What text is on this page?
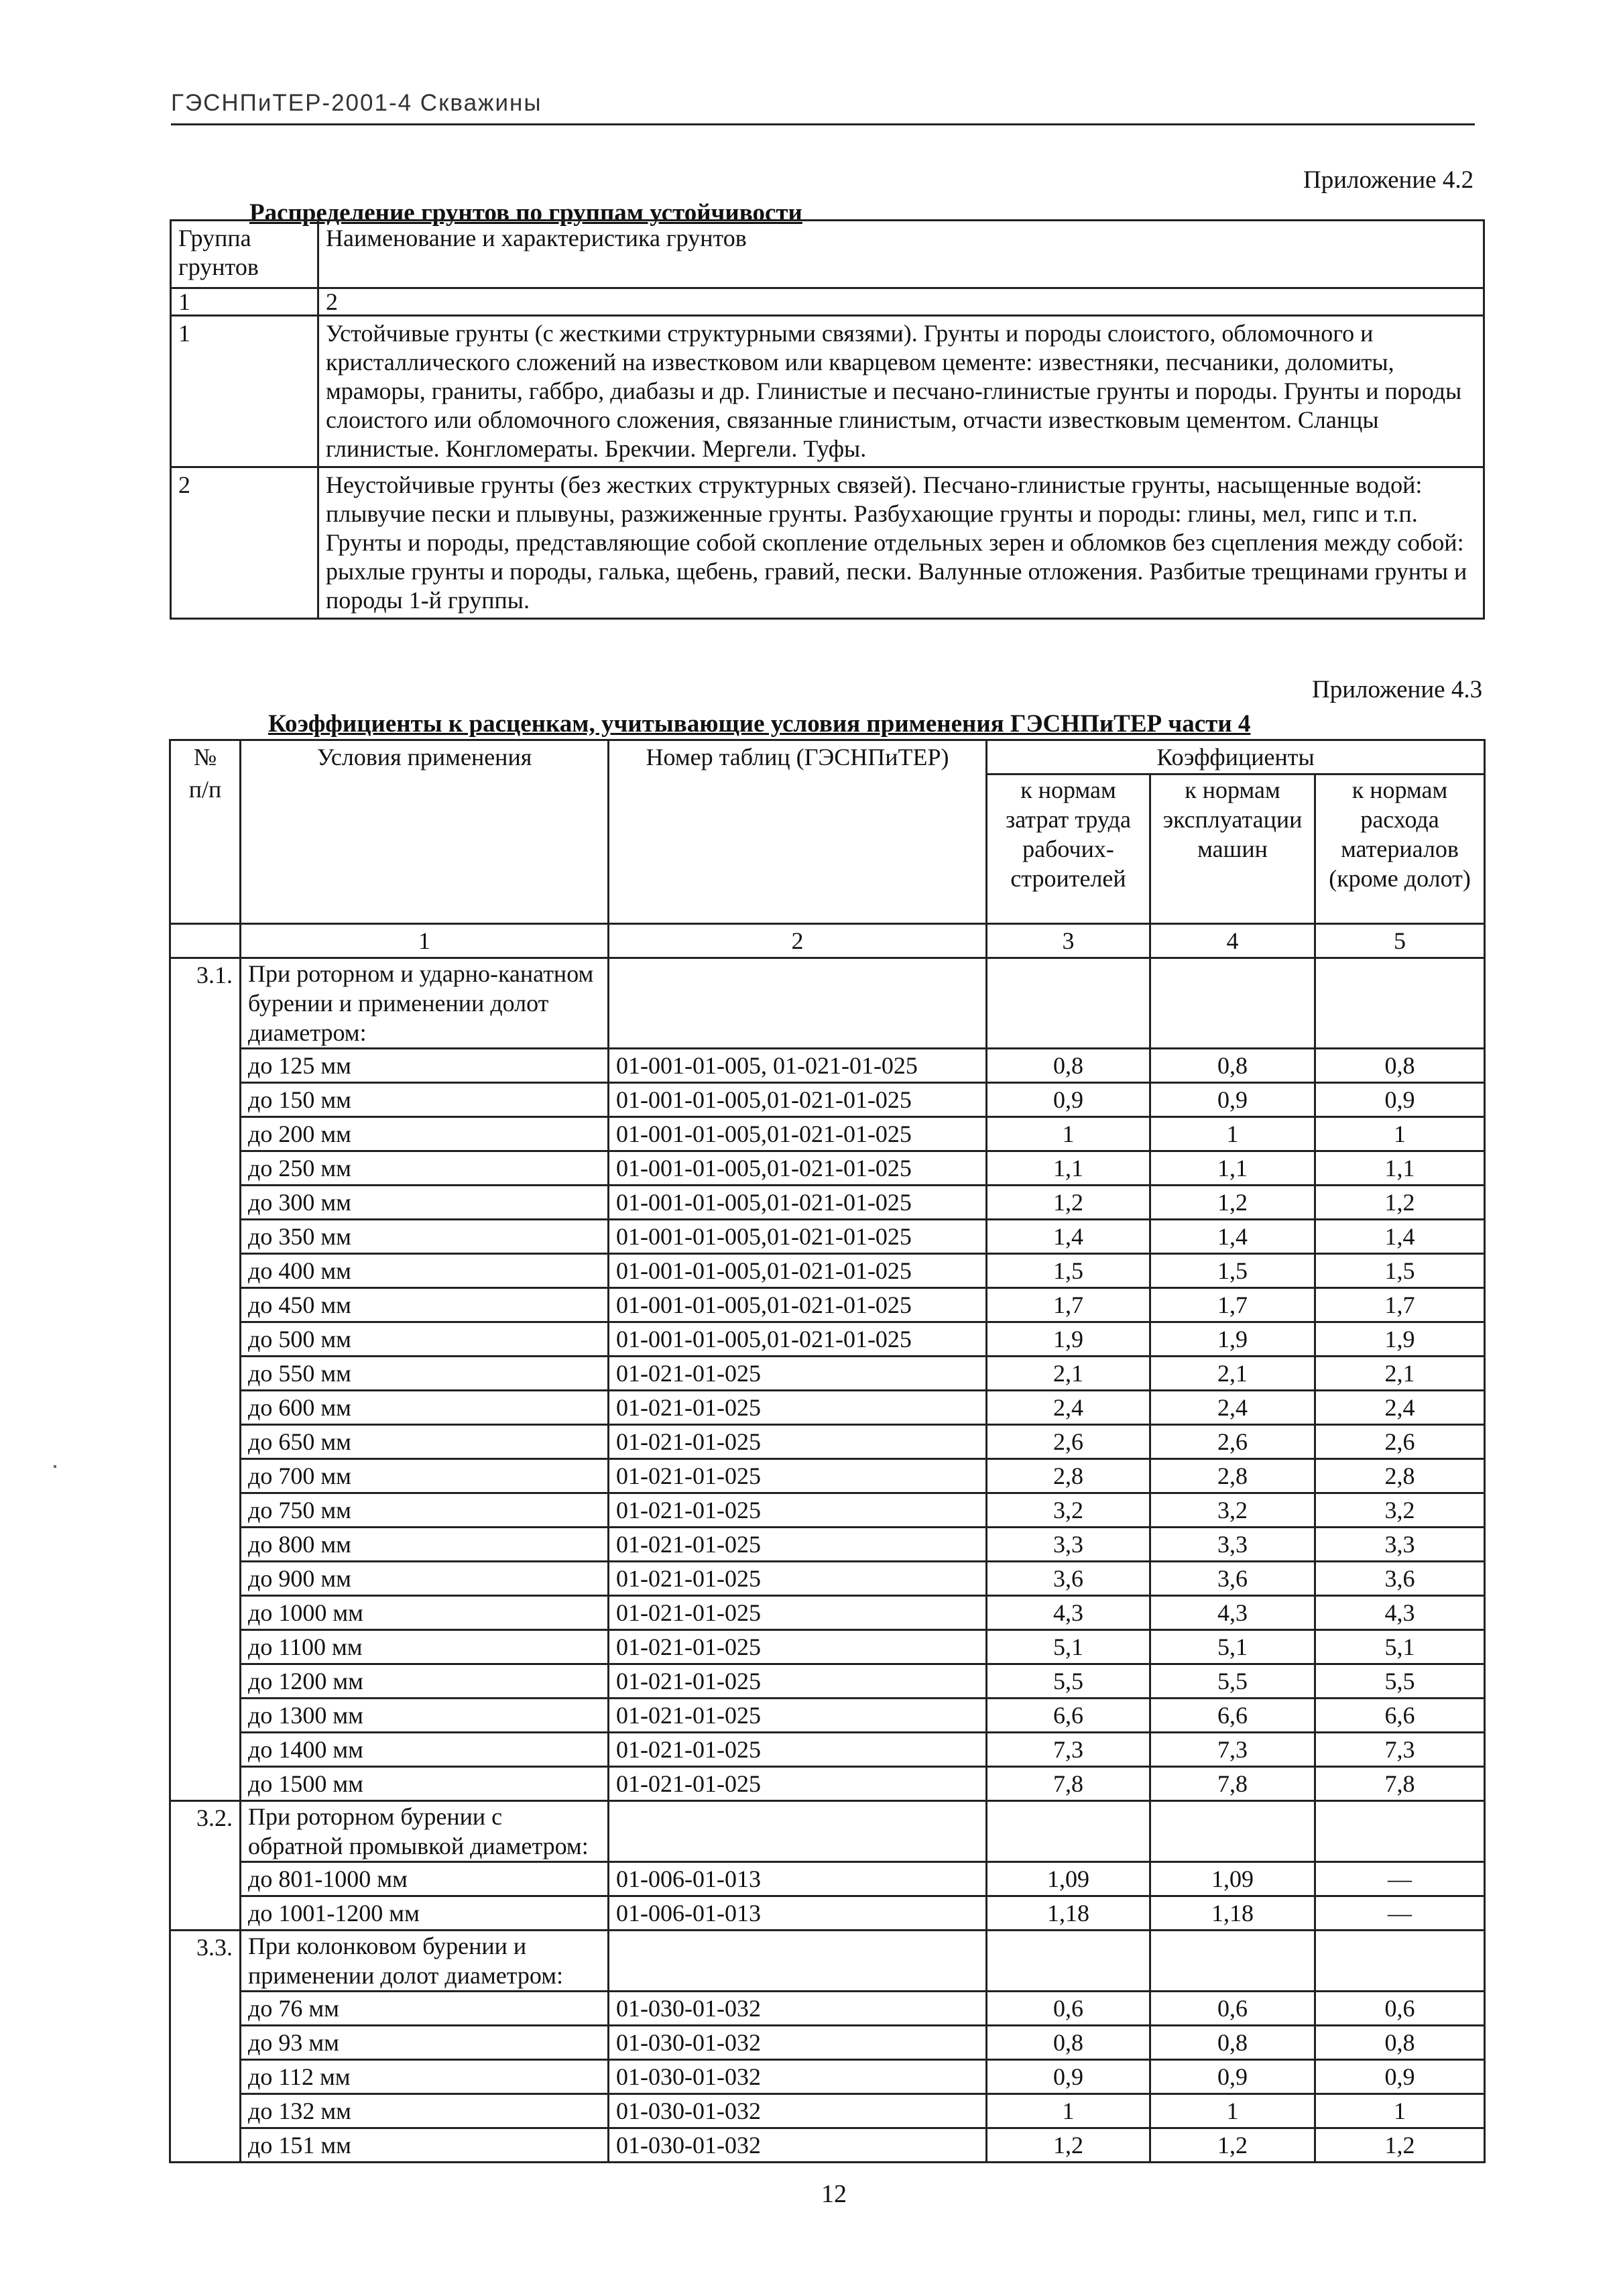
ГЭСНПиТЕР-2001-4 Скважины
Приложение 4.2
Распределение грунтов по группам устойчивости
Группа грунтов	Наименование и характеристика грунтов
1	2
1	Устойчивые грунты (с жесткими структурными связями). Грунты и породы слоистого, обломочного и кристаллического сложений на известковом или кварцевом цементе: известняки, песчаники, доломиты, мраморы, граниты, габбро, диабазы и др. Глинистые и песчано-глинистые грунты и породы. Грунты и породы слоистого или обломочного сложения, связанные глинистым, отчасти известковым цементом. Сланцы глинистые. Конгломераты. Брекчии. Мергели. Туфы.
2	Неустойчивые грунты (без жестких структурных связей). Песчано-глинистые грунты, насыщенные водой: плывучие пески и плывуны, разжиженные грунты. Разбухающие грунты и породы: глины, мел, гипс и т.п. Грунты и породы, представляющие собой скопление отдельных зерен и обломков без сцепления между собой: рыхлые грунты и породы, галька, щебень, гравий, пески. Валунные отложения. Разбитые трещинами грунты и породы 1-й группы.
Приложение 4.3
Коэффициенты к расценкам, учитывающие условия применения ГЭСНПиТЕР части 4
№ п/п	Условия применения	Номер таблиц (ГЭСНПиТЕР)	Коэффициенты		
			к нормам затрат труда рабочих-строителей	к нормам эксплуатации машин	к нормам расхода материалов (кроме долот)
	1	2	3	4	5
3.1.	При роторном и ударно-канатном бурении и применении долот диаметром:				
	до 125 мм	01-001-01-005, 01-021-01-025	0,8	0,8	0,8
	до 150 мм	01-001-01-005,01-021-01-025	0,9	0,9	0,9
	до 200 мм	01-001-01-005,01-021-01-025	1	1	1
	до 250 мм	01-001-01-005,01-021-01-025	1,1	1,1	1,1
	до 300 мм	01-001-01-005,01-021-01-025	1,2	1,2	1,2
	до 350 мм	01-001-01-005,01-021-01-025	1,4	1,4	1,4
	до 400 мм	01-001-01-005,01-021-01-025	1,5	1,5	1,5
	до 450 мм	01-001-01-005,01-021-01-025	1,7	1,7	1,7
	до 500 мм	01-001-01-005,01-021-01-025	1,9	1,9	1,9
	до 550 мм	01-021-01-025	2,1	2,1	2,1
	до 600 мм	01-021-01-025	2,4	2,4	2,4
	до 650 мм	01-021-01-025	2,6	2,6	2,6
	до 700 мм	01-021-01-025	2,8	2,8	2,8
	до 750 мм	01-021-01-025	3,2	3,2	3,2
	до 800 мм	01-021-01-025	3,3	3,3	3,3
	до 900 мм	01-021-01-025	3,6	3,6	3,6
	до 1000 мм	01-021-01-025	4,3	4,3	4,3
	до 1100 мм	01-021-01-025	5,1	5,1	5,1
	до 1200 мм	01-021-01-025	5,5	5,5	5,5
	до 1300 мм	01-021-01-025	6,6	6,6	6,6
	до 1400 мм	01-021-01-025	7,3	7,3	7,3
	до 1500 мм	01-021-01-025	7,8	7,8	7,8
3.2.	При роторном бурении с обратной промывкой диаметром:				
	до 801-1000 мм	01-006-01-013	1,09	1,09	—
	до 1001-1200 мм	01-006-01-013	1,18	1,18	—
3.3.	При колонковом бурении и применении долот диаметром:				
	до 76 мм	01-030-01-032	0,6	0,6	0,6
	до 93 мм	01-030-01-032	0,8	0,8	0,8
	до 112 мм	01-030-01-032	0,9	0,9	0,9
	до 132 мм	01-030-01-032	1	1	1
	до 151 мм	01-030-01-032	1,2	1,2	1,2
12
